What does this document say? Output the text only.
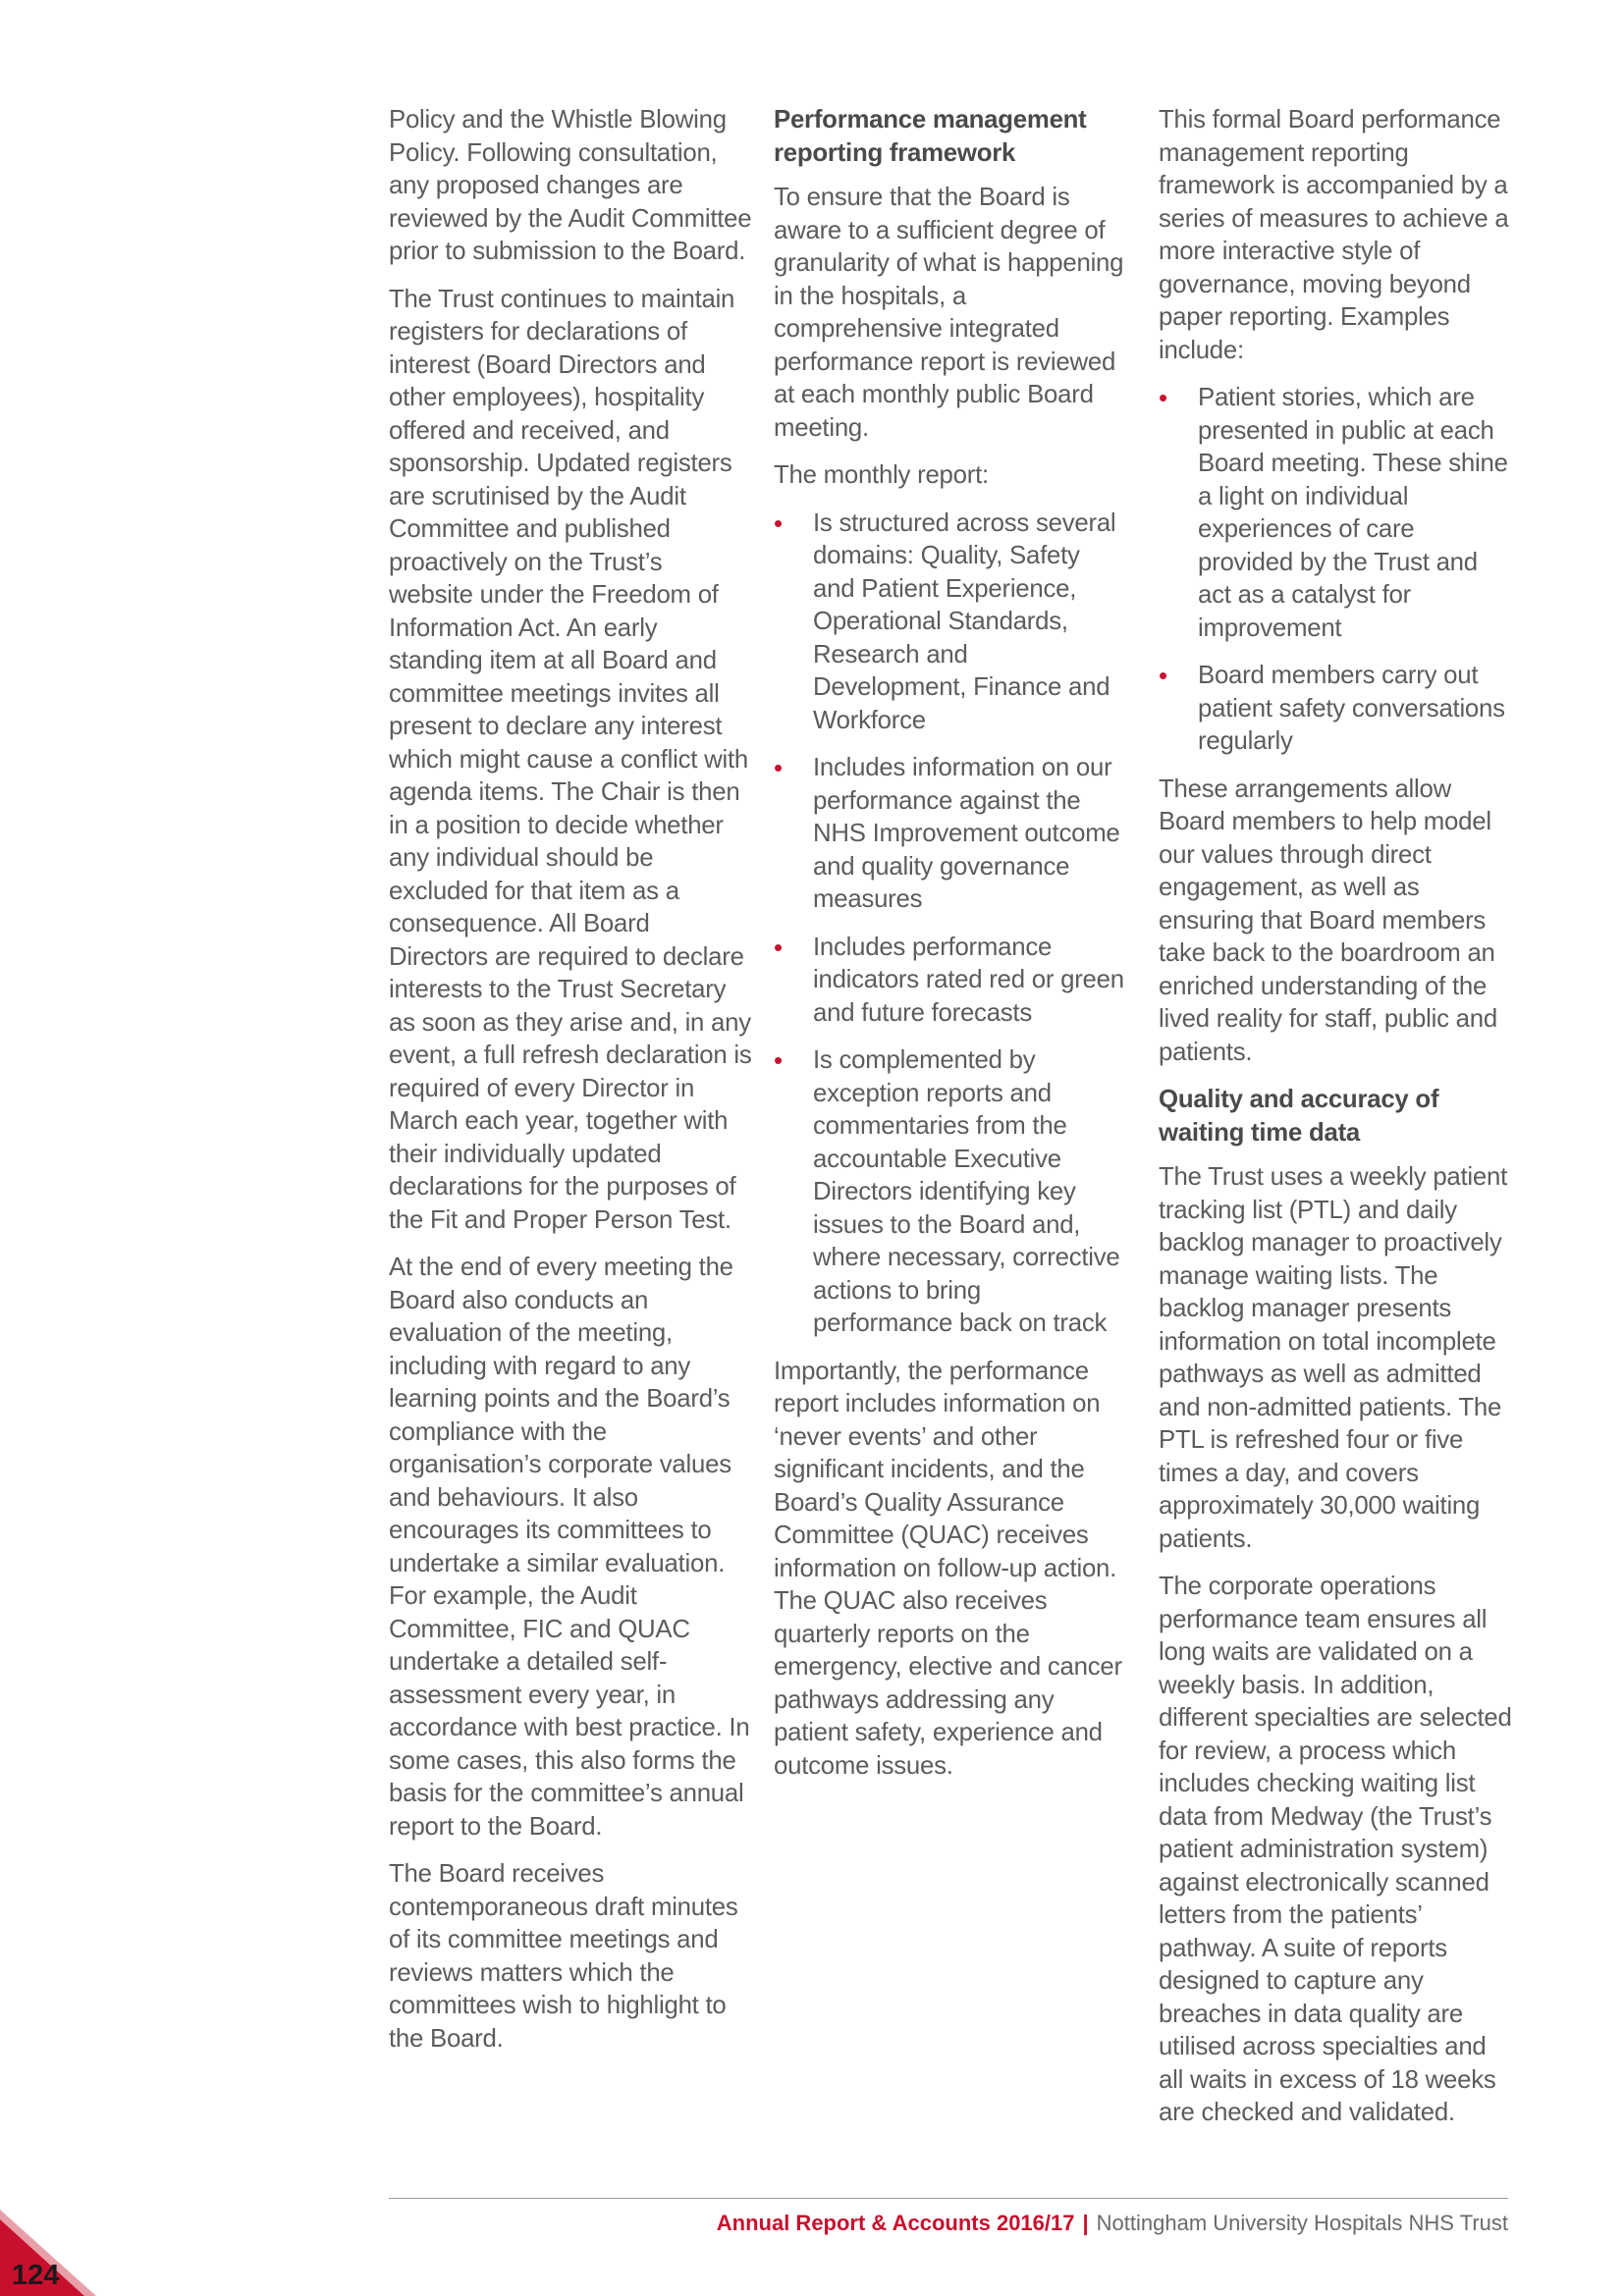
Policy and the Whistle Blowing Policy. Following consultation, any proposed changes are reviewed by the Audit Committee prior to submission to the Board.

The Trust continues to maintain registers for declarations of interest (Board Directors and other employees), hospitality offered and received, and sponsorship. Updated registers are scrutinised by the Audit Committee and published proactively on the Trust’s website under the Freedom of Information Act. An early standing item at all Board and committee meetings invites all present to declare any interest which might cause a conflict with agenda items. The Chair is then in a position to decide whether any individual should be excluded for that item as a consequence. All Board Directors are required to declare interests to the Trust Secretary as soon as they arise and, in any event, a full refresh declaration is required of every Director in March each year, together with their individually updated declarations for the purposes of the Fit and Proper Person Test.

At the end of every meeting the Board also conducts an evaluation of the meeting, including with regard to any learning points and the Board’s compliance with the organisation’s corporate values and behaviours. It also encourages its committees to undertake a similar evaluation. For example, the Audit Committee, FIC and QUAC undertake a detailed self-assessment every year, in accordance with best practice. In some cases, this also forms the basis for the committee’s annual report to the Board.

The Board receives contemporaneous draft minutes of its committee meetings and reviews matters which the committees wish to highlight to the Board.

Performance management reporting framework

To ensure that the Board is aware to a sufficient degree of granularity of what is happening in the hospitals, a comprehensive integrated performance report is reviewed at each monthly public Board meeting.

The monthly report:

• Is structured across several domains: Quality, Safety and Patient Experience, Operational Standards, Research and Development, Finance and Workforce
• Includes information on our performance against the NHS Improvement outcome and quality governance measures
• Includes performance indicators rated red or green and future forecasts
• Is complemented by exception reports and commentaries from the accountable Executive Directors identifying key issues to the Board and, where necessary, corrective actions to bring performance back on track

Importantly, the performance report includes information on ‘never events’ and other significant incidents, and the Board’s Quality Assurance Committee (QUAC) receives information on follow-up action. The QUAC also receives quarterly reports on the emergency, elective and cancer pathways addressing any patient safety, experience and outcome issues.

This formal Board performance management reporting framework is accompanied by a series of measures to achieve a more interactive style of governance, moving beyond paper reporting. Examples include:

• Patient stories, which are presented in public at each Board meeting. These shine a light on individual experiences of care provided by the Trust and act as a catalyst for improvement
• Board members carry out patient safety conversations regularly

These arrangements allow Board members to help model our values through direct engagement, as well as ensuring that Board members take back to the boardroom an enriched understanding of the lived reality for staff, public and patients.

Quality and accuracy of waiting time data

The Trust uses a weekly patient tracking list (PTL) and daily backlog manager to proactively manage waiting lists. The backlog manager presents information on total incomplete pathways as well as admitted and non-admitted patients. The PTL is refreshed four or five times a day, and covers approximately 30,000 waiting patients.

The corporate operations performance team ensures all long waits are validated on a weekly basis. In addition, different specialties are selected for review, a process which includes checking waiting list data from Medway (the Trust’s patient administration system) against electronically scanned letters from the patients’ pathway. A suite of reports designed to capture any breaches in data quality are utilised across specialties and all waits in excess of 18 weeks are checked and validated.

Annual Report & Accounts 2016/17 | Nottingham University Hospitals NHS Trust
124
